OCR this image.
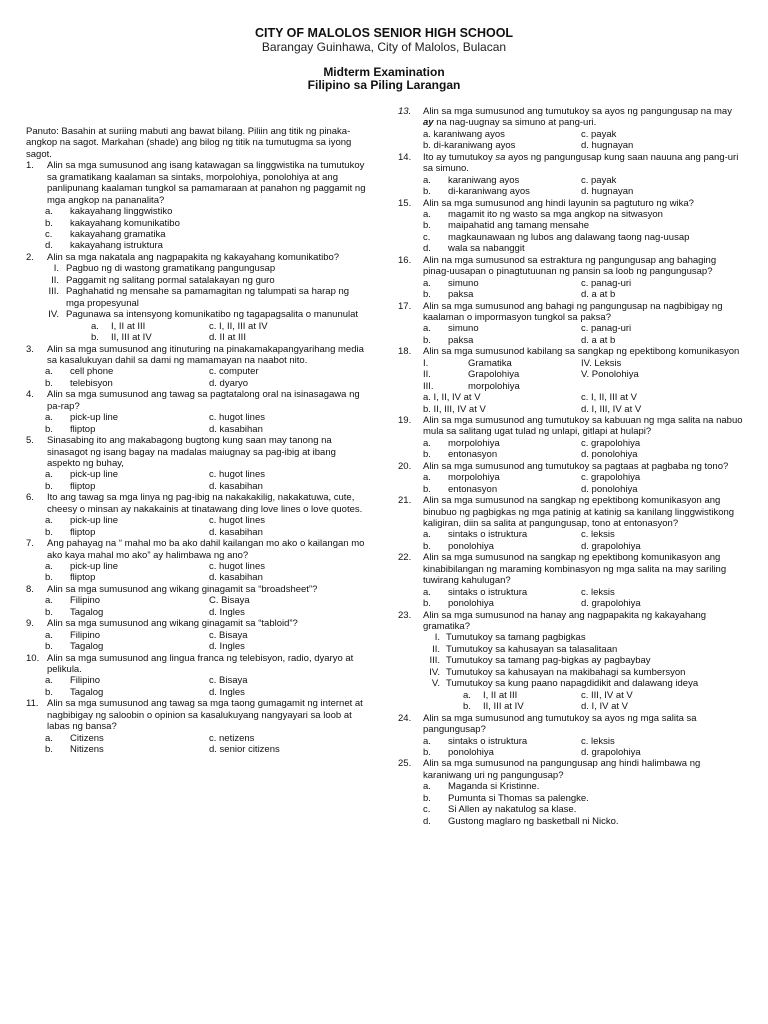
CITY OF MALOLOS SENIOR HIGH SCHOOL
Barangay Guinhawa, City of Malolos, Bulacan
Midterm Examination
Filipino sa Piling Larangan
Panuto: Basahin at suriing mabuti ang bawat bilang. Piliin ang titik ng pinaka-angkop na sagot. Markahan (shade) ang bilog ng titik na tumutugma sa iyong sagot.
1. Alin sa mga sumusunod ang isang katawagan sa linggwistika na tumutukoy sa gramatikang kaalaman sa sintaks, morpolohiya, ponolohiya at ang panlipunang kaalaman tungkol sa pamamaraan at panahon ng paggamit ng mga angkop na pananalita?
a. kakayahang linggwistiko
b. kakayahang komunikatibo
c. kakayahang gramatika
d. kakayahang istruktura
2. Alin sa mga nakatala ang nagpapakita ng kakayahang komunikatibo?
I. Pagbuo ng di wastong gramatikang pangungusap
II. Paggamit ng salitang pormal satalakayan ng guro
III. Paghahatid ng mensahe sa pamamagitan ng talumpati sa harap ng mga propesyunal
IV. Pagunawa sa intensyong komunikatibo ng tagapagsalita o manunulat
a. I, II at III	c. I, II, III at IV
b. II, III at IV	d. II at III
3. Alin sa mga sumusunod ang itinuturing na pinakamakapangyarihang media sa kasalukuyan dahil sa dami ng mamamayan na naabot nito.
a. cell phone	c. computer
b. telebisyon	d. dyaryo
4. Alin sa mga sumusunod ang tawag sa pagtatalong oral na isinasagawa ng pa-rap?
a. pick-up line	c. hugot lines
b. fliptop	d. kasabihan
5. Sinasabing ito ang makabagong bugtong kung saan may tanong na sinasagot ng isang bagay na madalas maiugnay sa pag-ibig at ibang aspekto ng buhay,
a. pick-up line	c. hugot lines
b. fliptop	d. kasabihan
6. Ito ang tawag sa mga linya ng pag-ibig na nakakakilig, nakakatuwa, cute, cheesy o minsan ay nakakainis at tinatawang ding love lines o love quotes.
a. pick-up line	c. hugot lines
b. fliptop	d. kasabihan
7. Ang pahayag na “ mahal mo ba ako dahil kailangan mo ako o kailangan mo ako kaya mahal mo ako” ay halimbawa ng ano?
a. pick-up line	c. hugot lines
b. fliptop	d. kasabihan
8. Alin sa mga sumusunod ang wikang ginagamit sa “broadsheet”?
a. Filipino	C. Bisaya
b. Tagalog	d. Ingles
9. Alin sa mga sumusunod ang wikang ginagamit sa “tabloid”?
a. Filipino	c. Bisaya
b. Tagalog	d. Ingles
10. Alin sa mga sumusunod ang lingua franca ng telebisyon, radio, dyaryo at pelikula.
a. Filipino	c. Bisaya
b. Tagalog	d. Ingles
11. Alin sa mga sumusunod ang tawag sa mga taong gumagamit ng internet at nagbibigay ng saloobin o opinion sa kasalukuyang nangyayari sa loob at labas ng bansa?
a. Citizens	c. netizens
b. Nitizens	d. senior citizens
13. Alin sa mga sumusunod ang tumutukoy sa ayos ng pangungusap na may ay na nag-uugnay sa simuno at pang-uri.
a. karaniwang ayos	c. payak
b. di-karaniwang ayos	d. hugnayan
14. Ito ay tumutukoy sa ayos ng pangungusap kung saan nauuna ang pang-uri sa simuno.
a. karaniwang ayos	c. payak
b. di-karaniwang ayos	d. hugnayan
15. Alin sa mga sumusunod ang hindi layunin sa pagtuturo ng wika?
a. magamit ito ng wasto sa mga angkop na sitwasyon
b. maipahatid ang tamang mensahe
c. magkaunawaan ng lubos ang dalawang taong nag-uusap
d. wala sa nabanggit
16. Alin na mga sumusunod sa estraktura ng pangungusap ang bahaging pinag-uusapan o pinagtutuunan ng pansin sa loob ng pangungusap?
a. simuno	c. panag-uri
b. paksa	d. a at b
17. Alin sa mga sumusunod ang bahagi ng pangungusap na nagbibigay ng kaalaman o impormasyon tungkol sa paksa?
a. simuno	c. panag-uri
b. paksa	d. a at b
18. Alin sa mga sumusunod kabilang sa sangkap ng epektibong komunikasyon
I.	Gramatika	IV. Leksis
II.	Grapolohiya	V. Ponolohiya
III.	morpolohiya
a. I, II, IV at V	c. I, II, III at V
b. II, III, IV at V	d. I, III, IV at V
19. Alin sa mga sumusunod ang tumutukoy sa kabuuan ng mga salita na nabuo mula sa salitang ugat tulad ng unlapi, gitlapi at hulapi?
a. morpolohiya	c. grapolohiya
b. entonasyon	d. ponolohiya
20. Alin sa mga sumusunod ang tumutukoy sa pagtaas at pagbaba ng tono?
a. morpolohiya	c. grapolohiya
b. entonasyon	d. ponolohiya
21. Alin sa mga sumusunod na sangkap ng epektibong komunikasyon ang binubuo ng pagbigkas ng mga patinig at katinig sa kanilang linggwistikong kaligiran, diin sa salita at pangungusap, tono at entonasyon?
a. sintaks o istruktura	c. leksis
b. ponolohiya	d. grapolohiya
22. Alin sa mga sumusunod na sangkap ng epektibong komunikasyon ang kinabibilangan ng maraming kombinasyon ng mga salita na may sariling tuwirang kahulugan?
a. sintaks o istruktura	c. leksis
b. ponolohiya	d. grapolohiya
23. Alin sa mga sumusunod na hanay ang nagpapakita ng kakayahang gramatika?
I. Tumutukoy sa tamang pagbigkas
II. Tumutukoy sa kahusayan sa talasalitaan
III. Tumutukoy sa tamang pag-bigkas ay pagbaybay
IV. Tumutukoy sa kahusayan na makibahagi sa kumbersyon
V. Tumutukoy sa kung paano napagdidikit and dalawang ideya
a. I, II at III	c. III, IV at V
b. II, III at IV	d. I, IV at V
24. Alin sa mga sumusunod ang tumutukoy sa ayos ng mga salita sa pangungusap?
a. sintaks o istruktura	c. leksis
b. ponolohiya	d. grapolohiya
25. Alin sa mga sumusunod na pangungusap ang hindi halimbawa ng karaniwang uri ng pangungusap?
a. Maganda si Kristinne.
b. Pumunta si Thomas sa palengke.
c. Si Allen ay nakatulog sa klase.
d. Gustong maglaro ng basketball ni Nicko.
